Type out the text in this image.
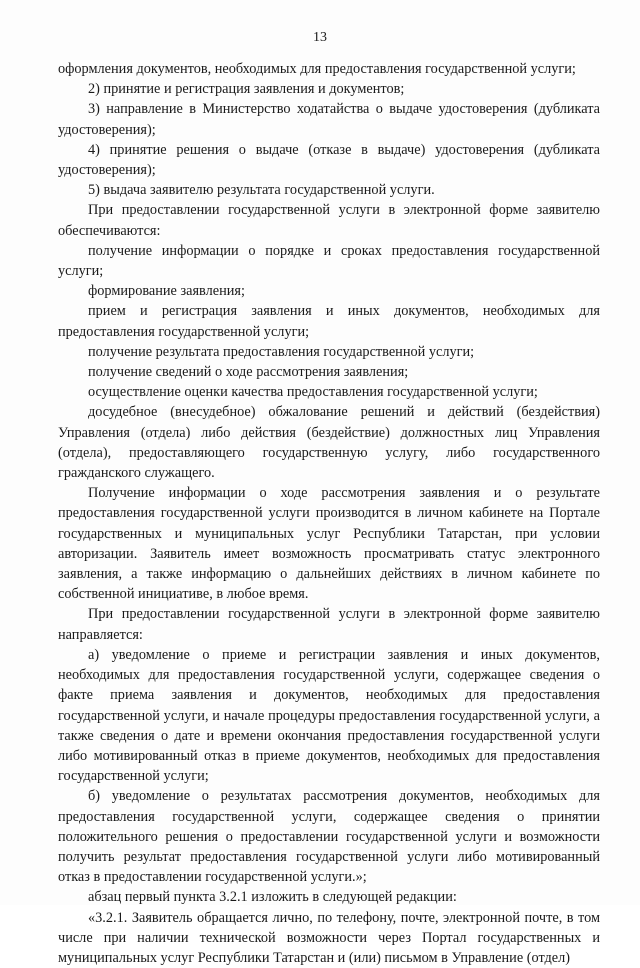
13

оформления документов, необходимых для предоставления государственной услуги;

2) принятие и регистрация заявления и документов;

3) направление в Министерство ходатайства о выдаче удостоверения (дубликата удостоверения);

4) принятие решения о выдаче (отказе в выдаче) удостоверения (дубликата удостоверения);

5) выдача заявителю результата государственной услуги.

При предоставлении государственной услуги в электронной форме заявителю обеспечиваются:

получение информации о порядке и сроках предоставления государственной услуги;

формирование заявления;

прием и регистрация заявления и иных документов, необходимых для предоставления государственной услуги;

получение результата предоставления государственной услуги;

получение сведений о ходе рассмотрения заявления;

осуществление оценки качества предоставления государственной услуги;

досудебное (внесудебное) обжалование решений и действий (бездействия) Управления (отдела) либо действия (бездействие) должностных лиц Управления (отдела), предоставляющего государственную услугу, либо государственного гражданского служащего.

Получение информации о ходе рассмотрения заявления и о результате предоставления государственной услуги производится в личном кабинете на Портале государственных и муниципальных услуг Республики Татарстан, при условии авторизации. Заявитель имеет возможность просматривать статус электронного заявления, а также информацию о дальнейших действиях в личном кабинете по собственной инициативе, в любое время.

При предоставлении государственной услуги в электронной форме заявителю направляется:

а) уведомление о приеме и регистрации заявления и иных документов, необходимых для предоставления государственной услуги, содержащее сведения о факте приема заявления и документов, необходимых для предоставления государственной услуги, и начале процедуры предоставления государственной услуги, а также сведения о дате и времени окончания предоставления государственной услуги либо мотивированный отказ в приеме документов, необходимых для предоставления государственной услуги;

б) уведомление о результатах рассмотрения документов, необходимых для предоставления государственной услуги, содержащее сведения о принятии положительного решения о предоставлении государственной услуги и возможности получить результат предоставления государственной услуги либо мотивированный отказ в предоставлении государственной услуги.»;

абзац первый пункта 3.2.1 изложить в следующей редакции:

«3.2.1. Заявитель обращается лично, по телефону, почте, электронной почте, в том числе при наличии технической возможности через Портал государственных и муниципальных услуг Республики Татарстан и (или) письмом в Управление (отдел)
